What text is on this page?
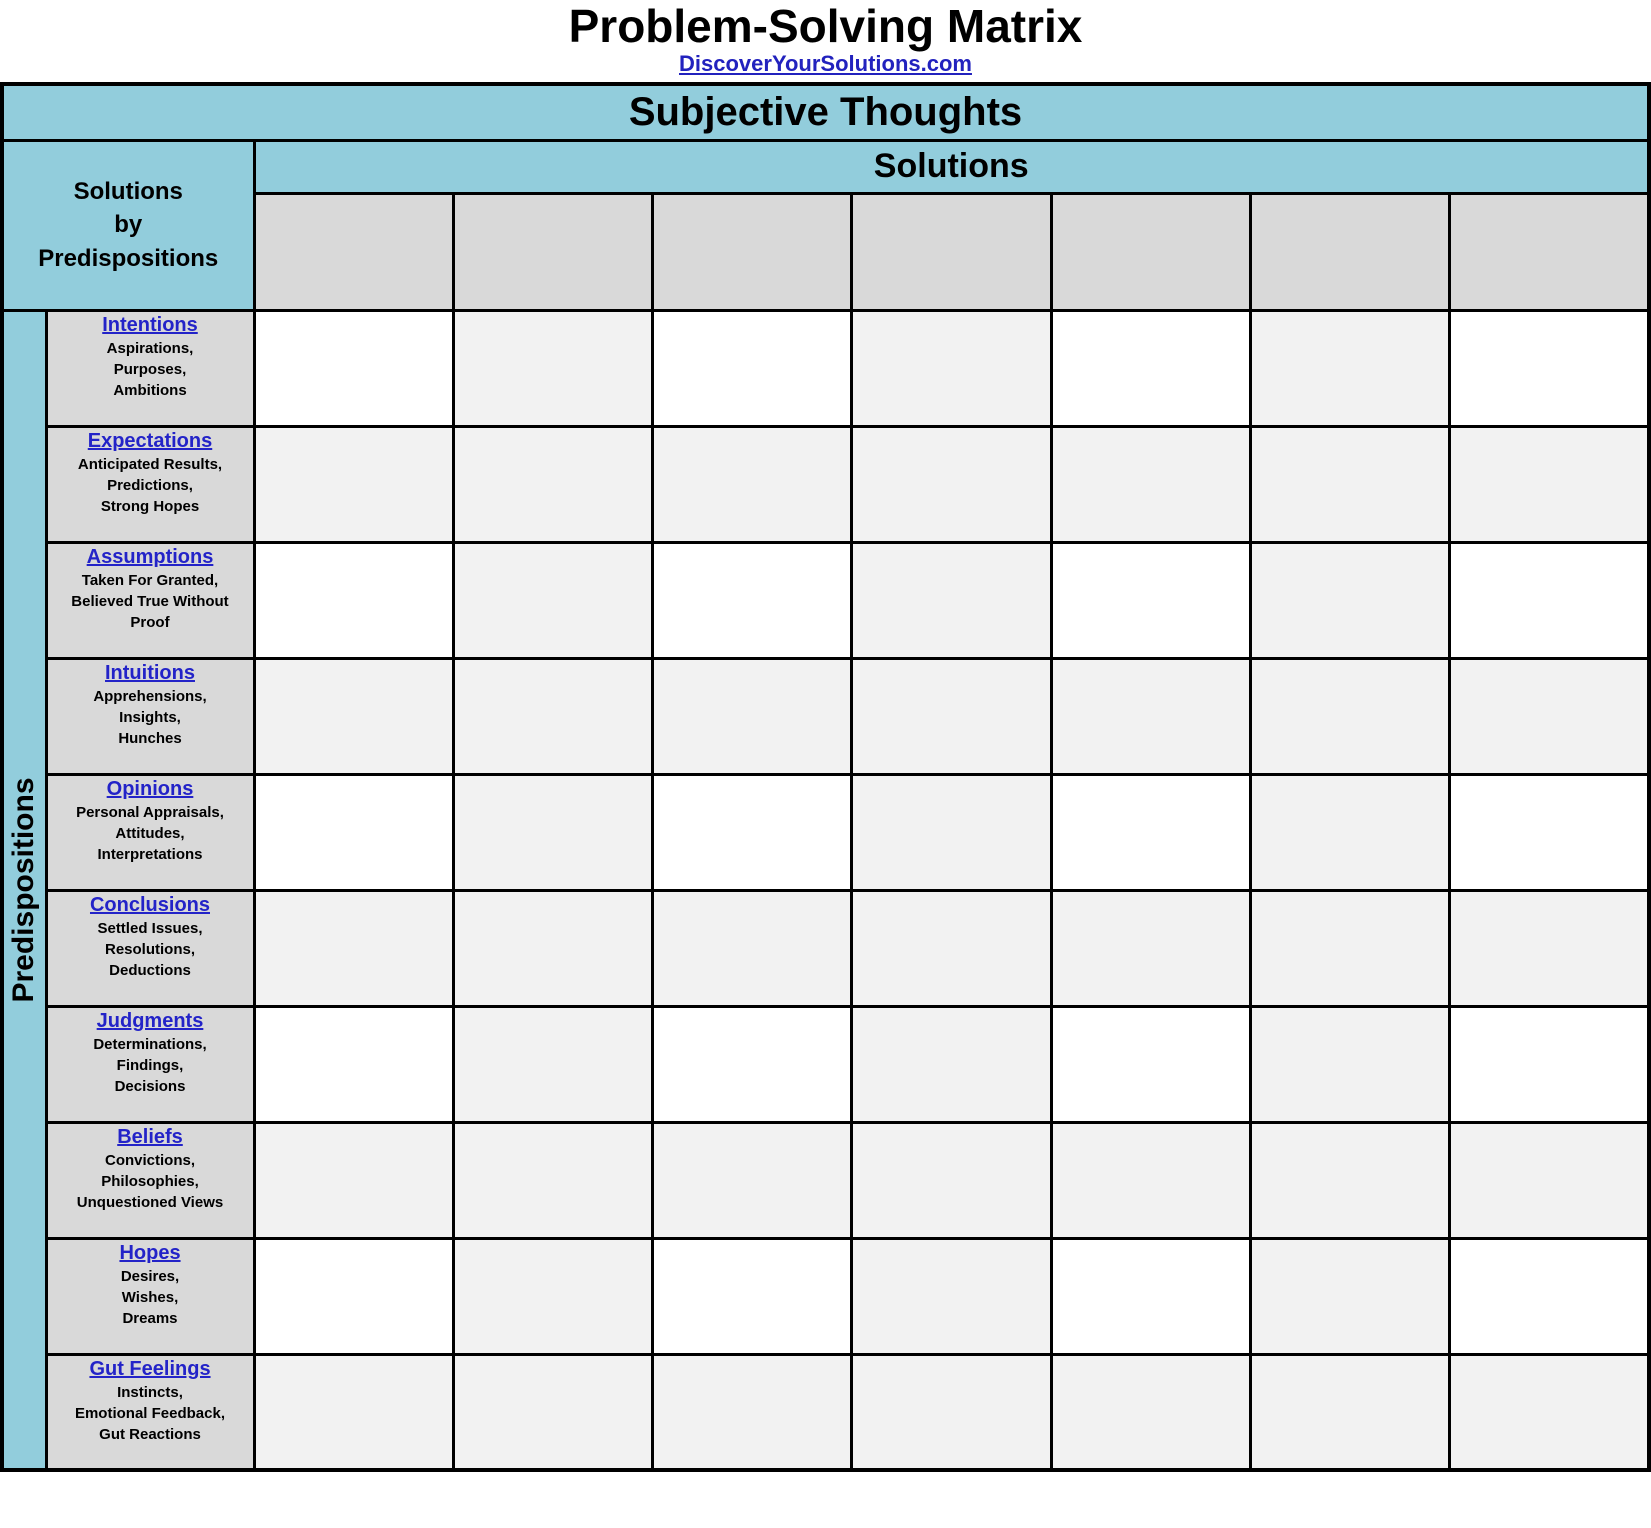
Problem-Solving Matrix
DiscoverYourSolutions.com
Subjective Thoughts								

Solutions
by
Predispositions		Solutions						

Predispositions	Intentions
Aspirations,
Purposes,
Ambitions							

	Expectations
Anticipated Results,
Predictions,
Strong Hopes							

	Assumptions
Taken For Granted,
Believed True Without
Proof							

	Intuitions
Apprehensions,
Insights,
Hunches							

	Opinions
Personal Appraisals,
Attitudes,
Interpretations							

	Conclusions
Settled Issues,
Resolutions,
Deductions							

	Judgments
Determinations,
Findings,
Decisions							

	Beliefs
Convictions,
Philosophies,
Unquestioned Views							

	Hopes
Desires,
Wishes,
Dreams							

	Gut Feelings
Instincts,
Emotional Feedback,
Gut Reactions							
